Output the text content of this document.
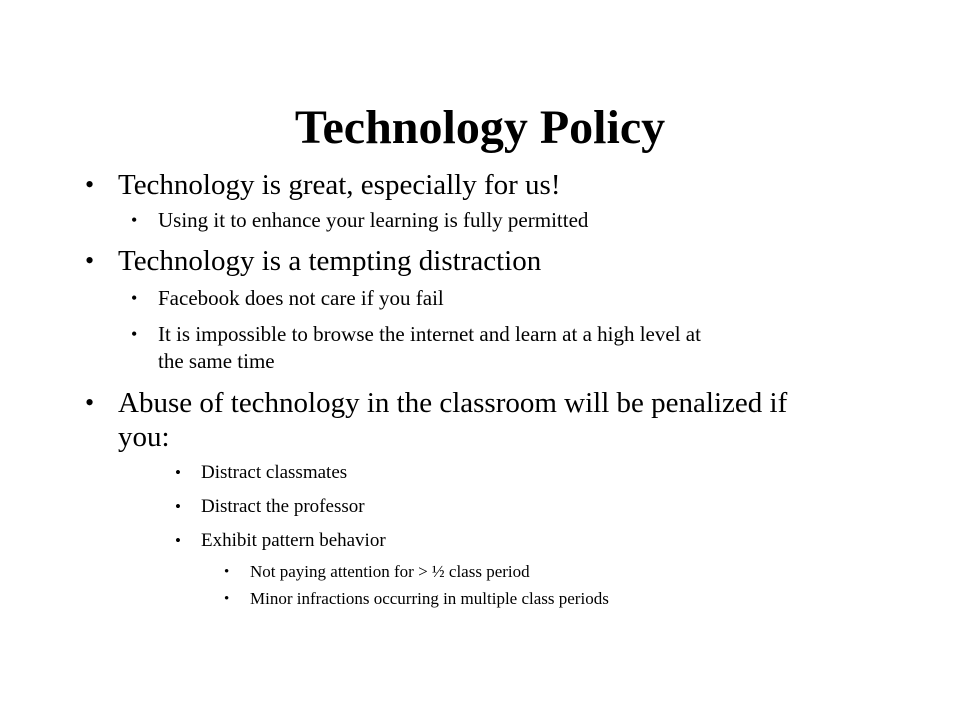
Technology Policy
• Technology is great, especially for us!
• Using it to enhance your learning is fully permitted
• Technology is a tempting distraction
• Facebook does not care if you fail
• It is impossible to browse the internet and learn at a high level at
the same time
• Abuse of technology in the classroom will be penalized if
you:
• Distract classmates
• Distract the professor
• Exhibit pattern behavior
• Not paying attention for > ½ class period
• Minor infractions occurring in multiple class periods
